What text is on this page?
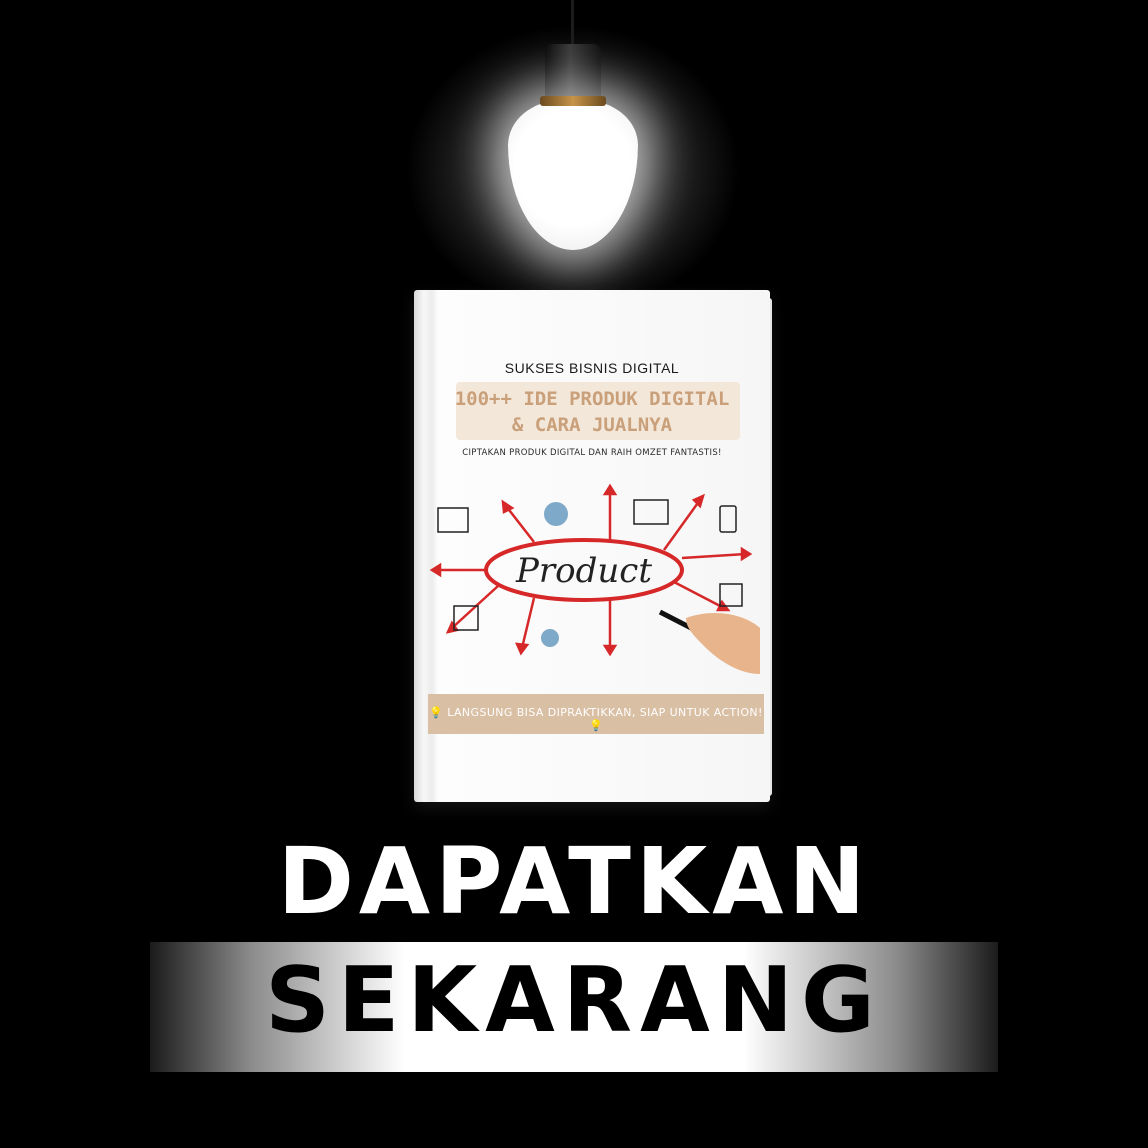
SUKSES BISNIS DIGITAL
100++ IDE PRODUK DIGITAL
& CARA JUALNYA
CIPTAKAN PRODUK DIGITAL DAN RAIH OMZET FANTASTIS!
Product
💡 LANGSUNG BISA DIPRAKTIKKAN, SIAP UNTUK ACTION! 💡
DAPATKAN
SEKARANG
